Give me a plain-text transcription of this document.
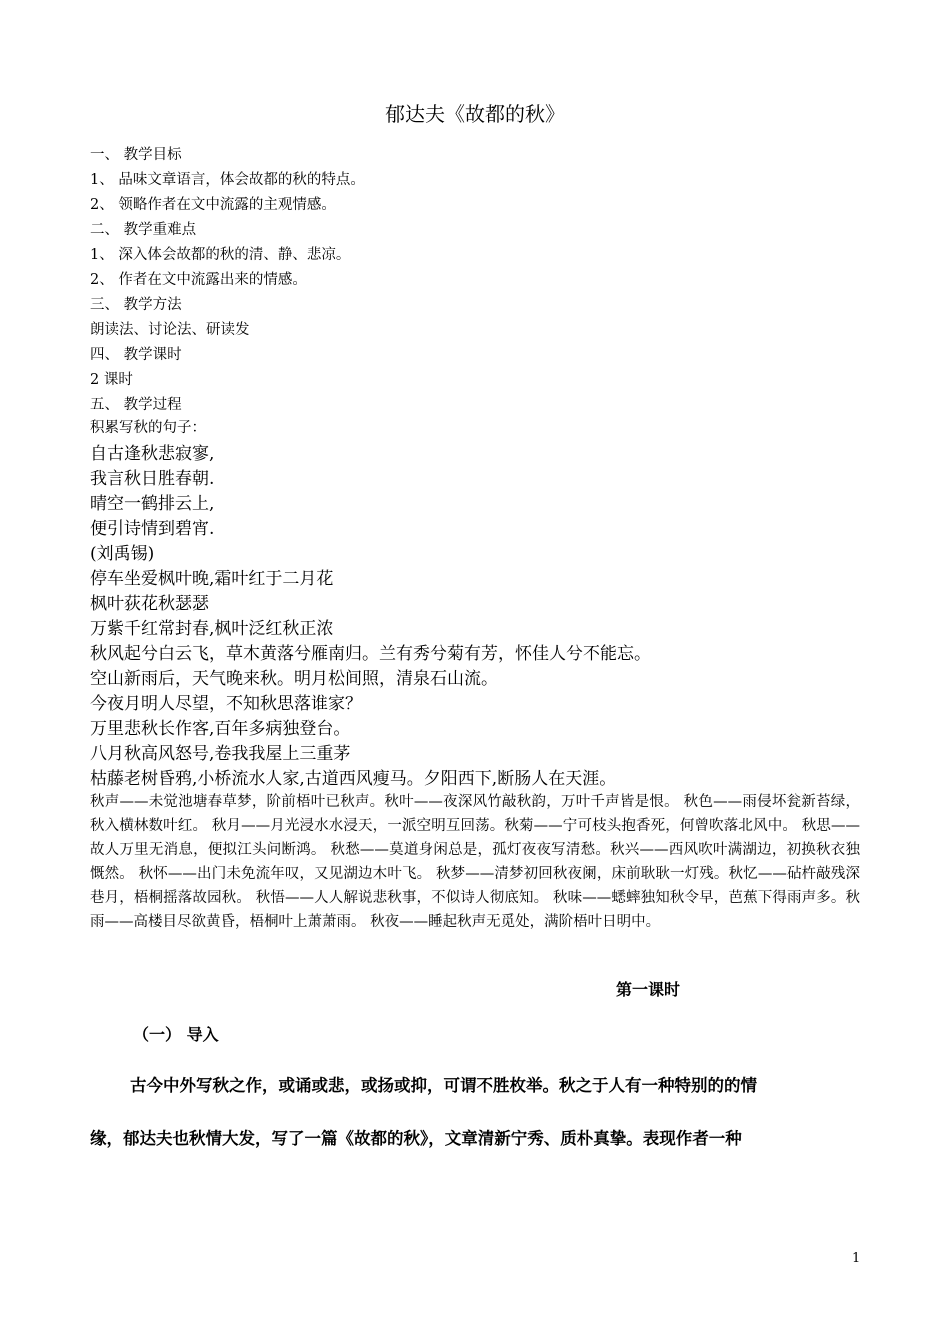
郁达夫《故都的秋》
一、 教学目标
1、 品味文章语言，体会故都的秋的特点。
2、 领略作者在文中流露的主观情感。
二、 教学重难点
1、 深入体会故都的秋的清、静、悲凉。
2、 作者在文中流露出来的情感。
三、 教学方法
朗读法、讨论法、研读发
四、 教学课时
2 课时
五、 教学过程
积累写秋的句子：
自古逢秋悲寂寥,
我言秋日胜春朝.
晴空一鹤排云上,
便引诗情到碧宵.
(刘禹锡)
停车坐爱枫叶晚,霜叶红于二月花
枫叶荻花秋瑟瑟
万紫千红常封春,枫叶泛红秋正浓
秋风起兮白云飞，草木黄落兮雁南归。兰有秀兮菊有芳，怀佳人兮不能忘。
空山新雨后，天气晚来秋。明月松间照，清泉石山流。
今夜月明人尽望，不知秋思落谁家？
万里悲秋长作客,百年多病独登台。
八月秋高风怒号,卷我我屋上三重茅
枯藤老树昏鸦,小桥流水人家,古道西风瘦马。夕阳西下,断肠人在天涯。
秋声——未觉池塘春草梦，阶前梧叶已秋声。秋叶——夜深风竹敲秋韵，万叶千声皆是恨。 秋色——雨侵坏瓮新苔绿，秋入横林数叶红。 秋月——月光浸水水浸天，一派空明互回荡。秋菊——宁可枝头抱香死，何曾吹落北风中。 秋思——故人万里无消息，便拟江头问断鸿。 秋愁——莫道身闲总是，孤灯夜夜写清愁。秋兴——西风吹叶满湖边，初换秋衣独慨然。 秋怀——出门未免流年叹，又见湖边木叶飞。 秋梦——清梦初回秋夜阑，床前耿耿一灯残。秋忆——砧杵敲残深巷月，梧桐摇落故园秋。 秋悟——人人解说悲秋事，不似诗人彻底知。 秋味——蟋蟀独知秋令早，芭蕉下得雨声多。秋雨——高楼目尽欲黄昏，梧桐叶上萧萧雨。 秋夜——睡起秋声无觅处，满阶梧叶日明中。
第一课时
（一） 导入
古今中外写秋之作，或诵或悲，或扬或抑，可谓不胜枚举。秋之于人有一种特别的的情
缘，郁达夫也秋情大发，写了一篇《故都的秋》，文章清新宁秀、质朴真挚。表现作者一种
1
